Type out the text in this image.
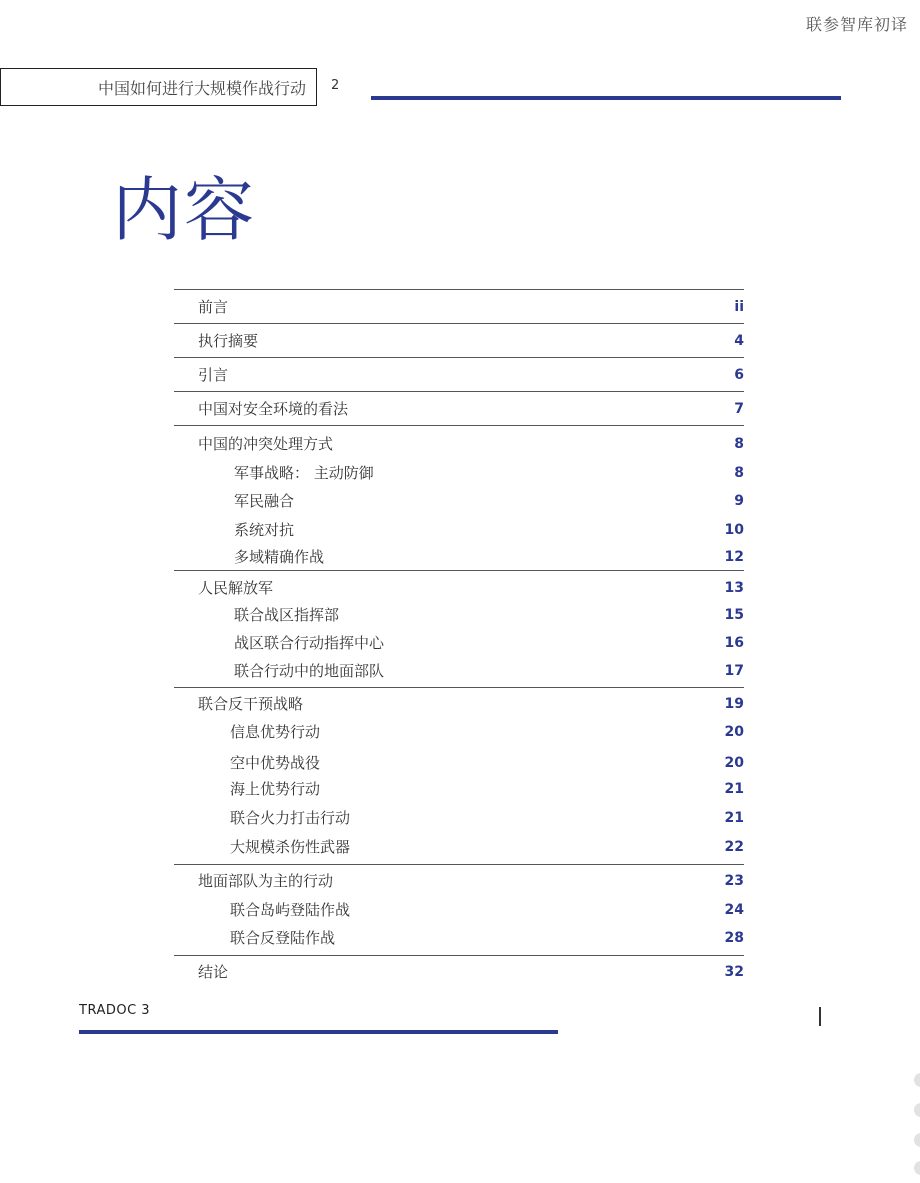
联参智库初译
中国如何进行大规模作战行动 2
内容
前言	ii
执行摘要	4
引言	6
中国对安全环境的看法	7
中国的冲突处理方式	8
军事战略： 主动防御	8
军民融合	9
系统对抗	10
多域精确作战	12
人民解放军	13
联合战区指挥部	15
战区联合行动指挥中心	16
联合行动中的地面部队	17
联合反干预战略	19
信息优势行动	20
空中优势战役	20
海上优势行动	21
联合火力打击行动	21
大规模杀伤性武器	22
地面部队为主的行动	23
联合岛屿登陆作战	24
联合反登陆作战	28
结论	32
TRADOC 3
